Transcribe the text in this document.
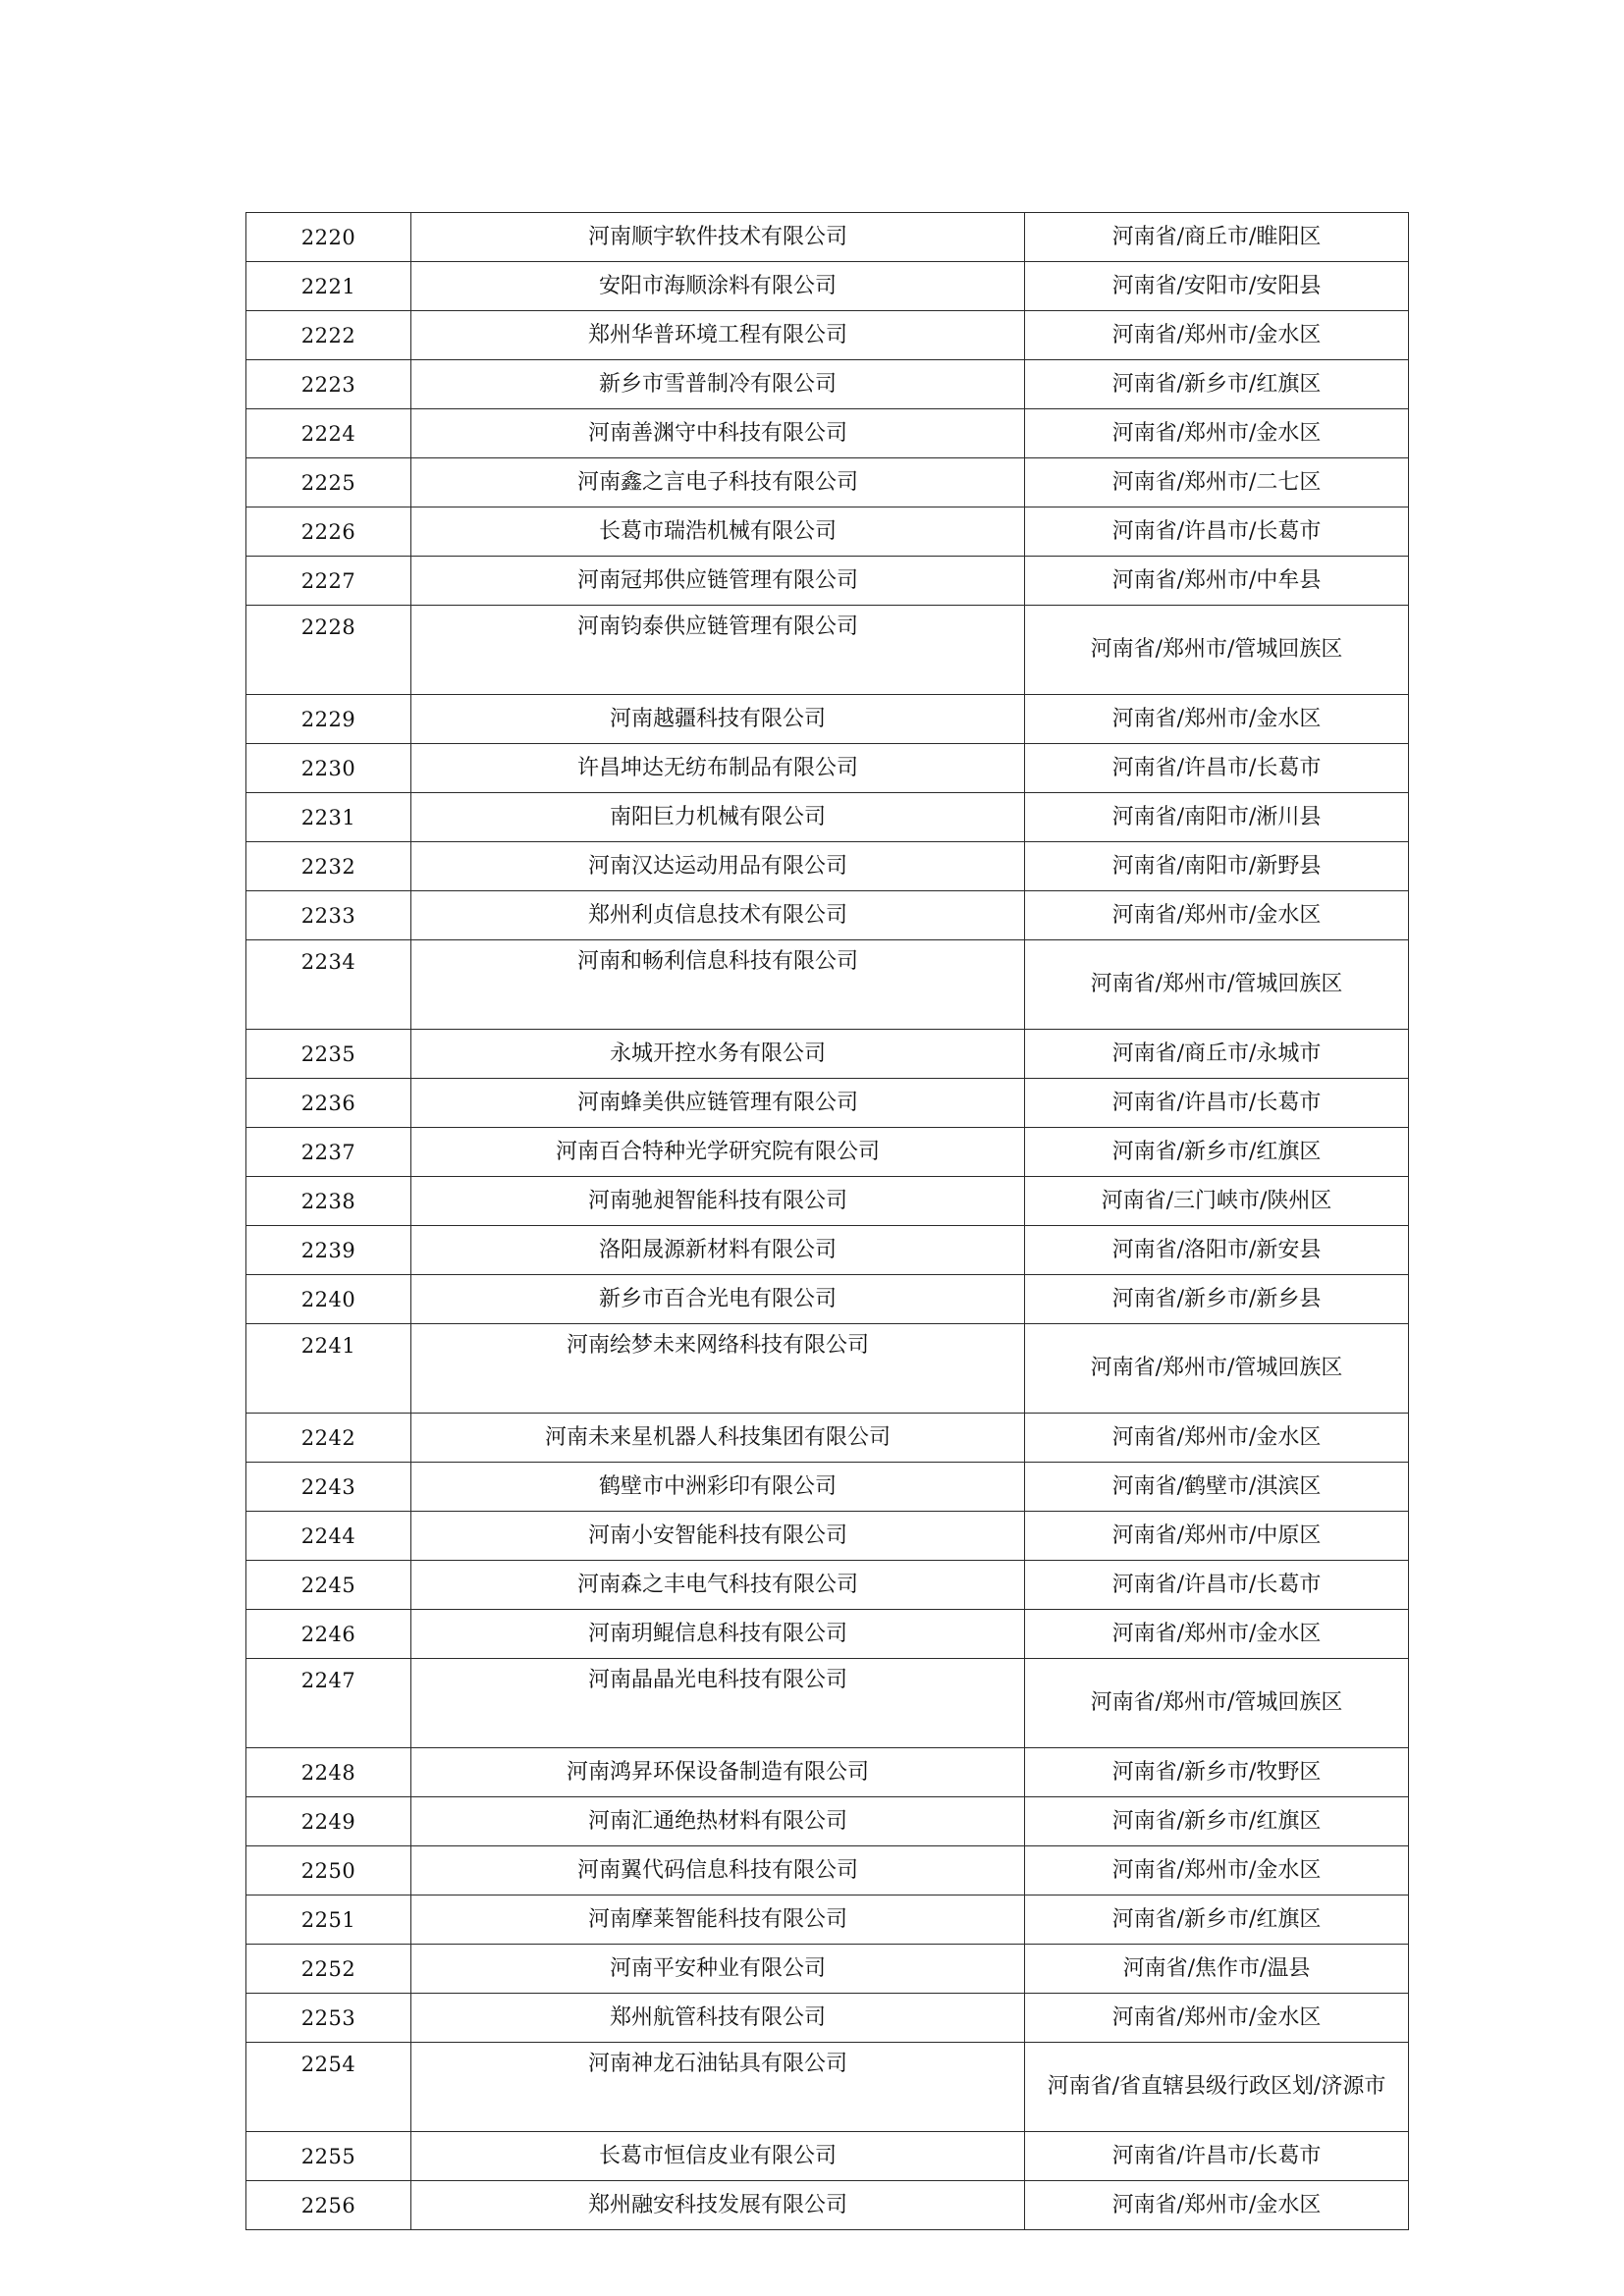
2220	河南顺宇软件技术有限公司	河南省/商丘市/睢阳区
2221	安阳市海顺涂料有限公司	河南省/安阳市/安阳县
2222	郑州华普环境工程有限公司	河南省/郑州市/金水区
2223	新乡市雪普制冷有限公司	河南省/新乡市/红旗区
2224	河南善渊守中科技有限公司	河南省/郑州市/金水区
2225	河南鑫之言电子科技有限公司	河南省/郑州市/二七区
2226	长葛市瑞浩机械有限公司	河南省/许昌市/长葛市
2227	河南冠邦供应链管理有限公司	河南省/郑州市/中牟县
2228	河南钧泰供应链管理有限公司	河南省/郑州市/管城回族区
2229	河南越疆科技有限公司	河南省/郑州市/金水区
2230	许昌坤达无纺布制品有限公司	河南省/许昌市/长葛市
2231	南阳巨力机械有限公司	河南省/南阳市/淅川县
2232	河南汉达运动用品有限公司	河南省/南阳市/新野县
2233	郑州利贞信息技术有限公司	河南省/郑州市/金水区
2234	河南和畅利信息科技有限公司	河南省/郑州市/管城回族区
2235	永城开控水务有限公司	河南省/商丘市/永城市
2236	河南蜂美供应链管理有限公司	河南省/许昌市/长葛市
2237	河南百合特种光学研究院有限公司	河南省/新乡市/红旗区
2238	河南驰昶智能科技有限公司	河南省/三门峡市/陕州区
2239	洛阳晟源新材料有限公司	河南省/洛阳市/新安县
2240	新乡市百合光电有限公司	河南省/新乡市/新乡县
2241	河南绘梦未来网络科技有限公司	河南省/郑州市/管城回族区
2242	河南未来星机器人科技集团有限公司	河南省/郑州市/金水区
2243	鹤壁市中洲彩印有限公司	河南省/鹤壁市/淇滨区
2244	河南小安智能科技有限公司	河南省/郑州市/中原区
2245	河南森之丰电气科技有限公司	河南省/许昌市/长葛市
2246	河南玥鲲信息科技有限公司	河南省/郑州市/金水区
2247	河南晶晶光电科技有限公司	河南省/郑州市/管城回族区
2248	河南鸿昇环保设备制造有限公司	河南省/新乡市/牧野区
2249	河南汇通绝热材料有限公司	河南省/新乡市/红旗区
2250	河南翼代码信息科技有限公司	河南省/郑州市/金水区
2251	河南摩莱智能科技有限公司	河南省/新乡市/红旗区
2252	河南平安种业有限公司	河南省/焦作市/温县
2253	郑州航管科技有限公司	河南省/郑州市/金水区
2254	河南神龙石油钻具有限公司	河南省/省直辖县级行政区划/济源市
2255	长葛市恒信皮业有限公司	河南省/许昌市/长葛市
2256	郑州融安科技发展有限公司	河南省/郑州市/金水区
